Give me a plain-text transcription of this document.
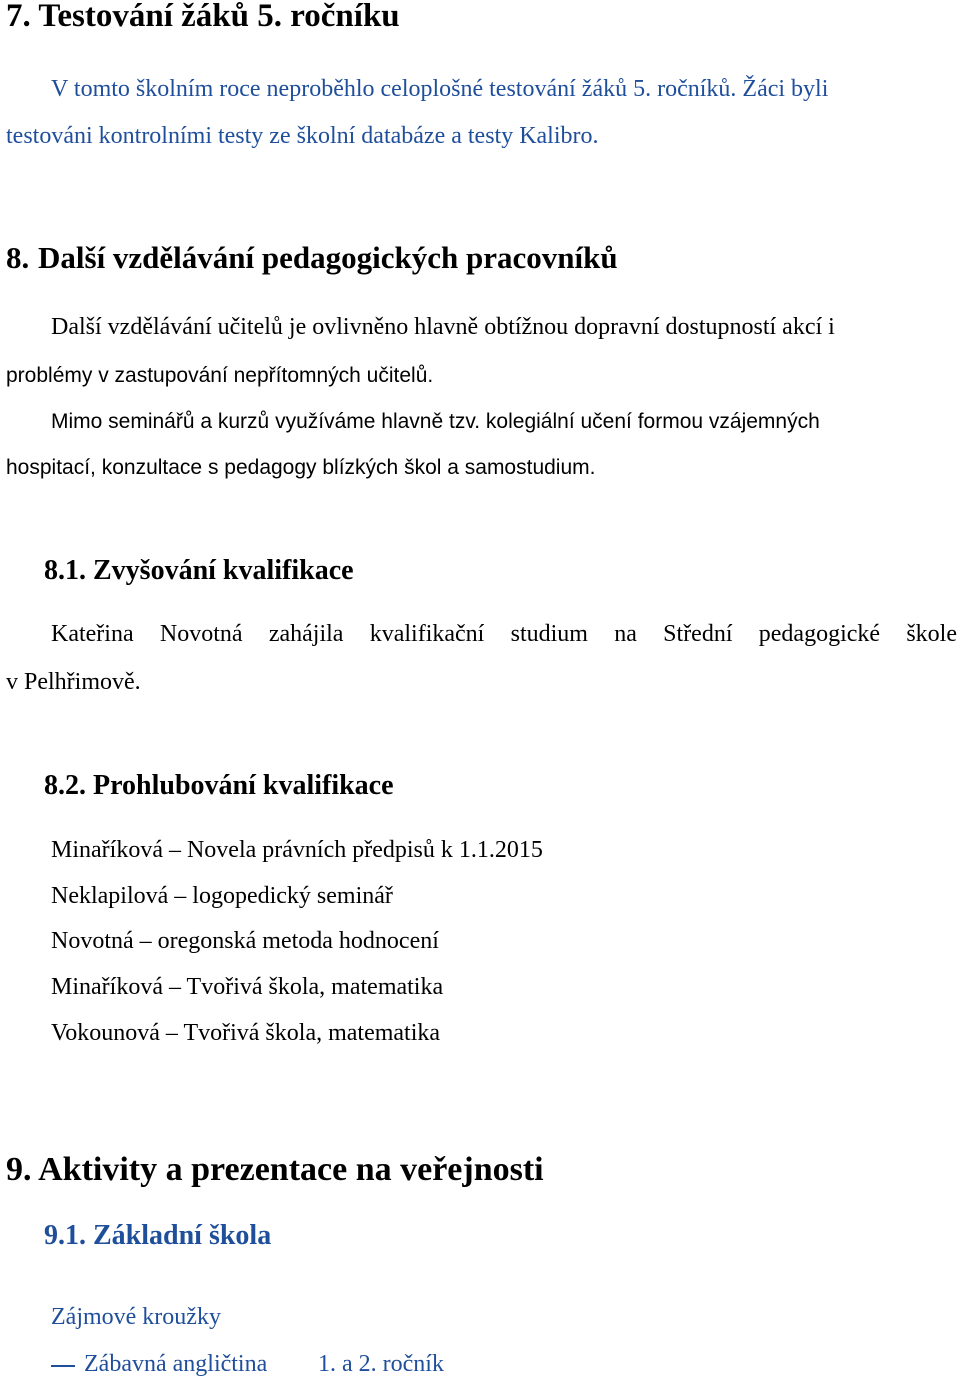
7. Testování žáků 5. ročníku
V tomto školním roce neproběhlo celoplošné testování žáků 5. ročníků. Žáci byli
testováni kontrolními testy ze školní databáze a testy Kalibro.
8. Další vzdělávání pedagogických pracovníků
Další vzdělávání učitelů je ovlivněno hlavně obtížnou dopravní dostupností akcí i
problémy v zastupování nepřítomných učitelů.
Mimo seminářů a kurzů využíváme hlavně tzv. kolegiální učení formou vzájemných
hospitací, konzultace s pedagogy blízkých škol a samostudium.
8.1. Zvyšování kvalifikace
Kateřina Novotná zahájila kvalifikační studium na Střední pedagogické škole
v Pelhřimově.
8.2. Prohlubování kvalifikace
Minaříková – Novela právních předpisů k 1.1.2015
Neklapilová – logopedický seminář
Novotná – oregonská metoda hodnocení
Minaříková – Tvořivá škola, matematika
Vokounová – Tvořivá škola, matematika
9. Aktivity a prezentace na veřejnosti
9.1. Základní škola
Zájmové kroužky
Zábavná angličtina 1. a 2. ročník
